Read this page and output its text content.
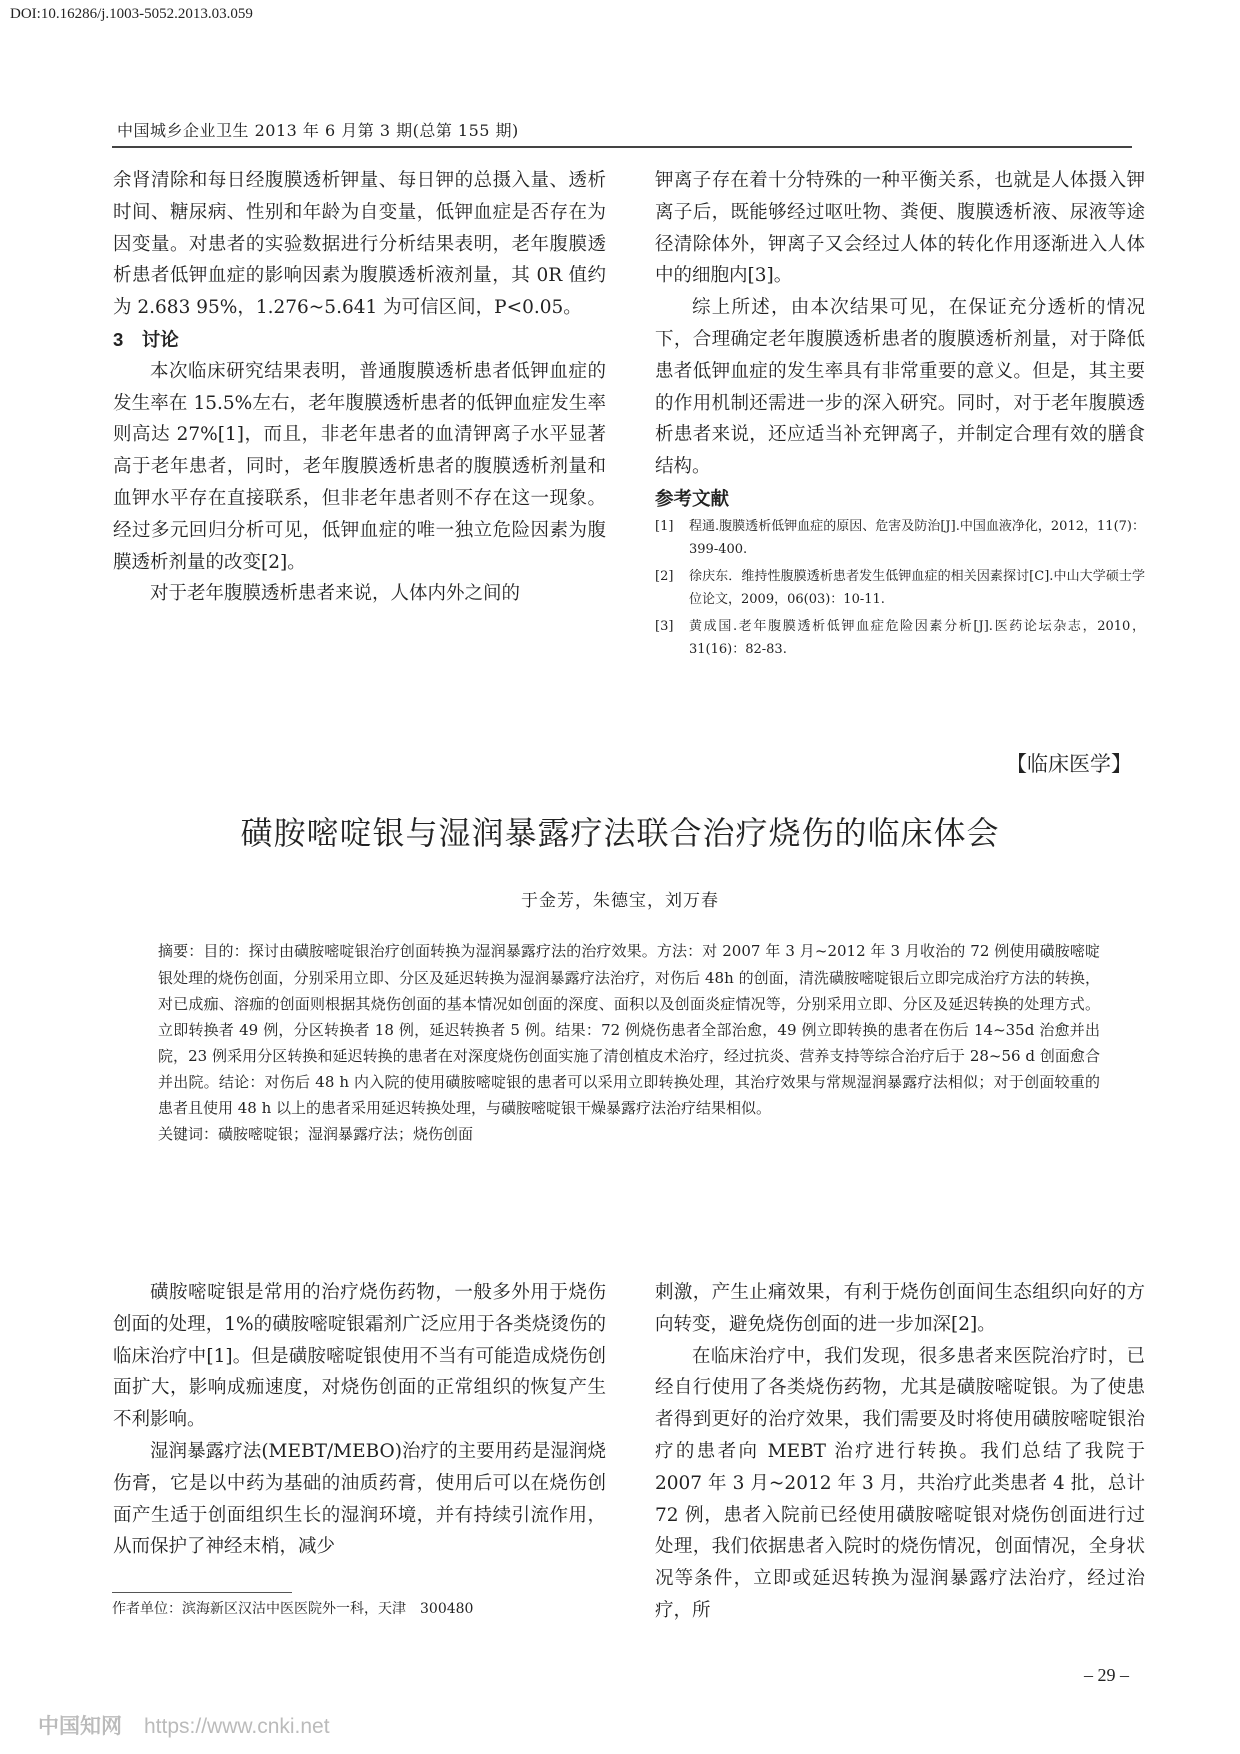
DOI:10.16286/j.1003-5052.2013.03.059
中国城乡企业卫生 2013 年 6 月第 3 期(总第 155 期)

余肾清除和每日经腹膜透析钾量、每日钾的总摄入量、透析时间、糖尿病、性别和年龄为自变量，低钾血症是否存在为因变量。对患者的实验数据进行分析结果表明，老年腹膜透析患者低钾血症的影响因素为腹膜透析液剂量，其 0R 值约为 2.683 95%，1.276~5.641 为可信区间，P<0.05。

3　讨论

本次临床研究结果表明，普通腹膜透析患者低钾血症的发生率在 15.5%左右，老年腹膜透析患者的低钾血症发生率则高达 27%[1]，而且，非老年患者的血清钾离子水平显著高于老年患者，同时，老年腹膜透析患者的腹膜透析剂量和血钾水平存在直接联系，但非老年患者则不存在这一现象。经过多元回归分析可见，低钾血症的唯一独立危险因素为腹膜透析剂量的改变[2]。

对于老年腹膜透析患者来说，人体内外之间的

钾离子存在着十分特殊的一种平衡关系，也就是人体摄入钾离子后，既能够经过呕吐物、粪便、腹膜透析液、尿液等途径清除体外，钾离子又会经过人体的转化作用逐渐进入人体中的细胞内[3]。

综上所述，由本次结果可见，在保证充分透析的情况下，合理确定老年腹膜透析患者的腹膜透析剂量，对于降低患者低钾血症的发生率具有非常重要的意义。但是，其主要的作用机制还需进一步的深入研究。同时，对于老年腹膜透析患者来说，还应适当补充钾离子，并制定合理有效的膳食结构。

参考文献

[1]	程通.腹膜透析低钾血症的原因、危害及防治[J].中国血液净化，2012，11(7)：399-400.
[2]	徐庆东．维持性腹膜透析患者发生低钾血症的相关因素探讨[C].中山大学硕士学位论文，2009，06(03)：10-11.
[3]	黄成国.老年腹膜透析低钾血症危险因素分析[J].医药论坛杂志，2010，31(16)：82-83.
【临床医学】
磺胺嘧啶银与湿润暴露疗法联合治疗烧伤的临床体会
于金芳，朱德宝，刘万春

摘要：目的：探讨由磺胺嘧啶银治疗创面转换为湿润暴露疗法的治疗效果。方法：对 2007 年 3 月~2012 年 3 月收治的 72 例使用磺胺嘧啶银处理的烧伤创面，分别采用立即、分区及延迟转换为湿润暴露疗法治疗，对伤后 48h 的创面，清洗磺胺嘧啶银后立即完成治疗方法的转换，对已成痂、溶痂的创面则根据其烧伤创面的基本情况如创面的深度、面积以及创面炎症情况等，分别采用立即、分区及延迟转换的处理方式。立即转换者 49 例，分区转换者 18 例，延迟转换者 5 例。结果：72 例烧伤患者全部治愈，49 例立即转换的患者在伤后 14~35d 治愈并出院，23 例采用分区转换和延迟转换的患者在对深度烧伤创面实施了清创植皮术治疗，经过抗炎、营养支持等综合治疗后于 28~56 d 创面愈合并出院。结论：对伤后 48 h 内入院的使用磺胺嘧啶银的患者可以采用立即转换处理，其治疗效果与常规湿润暴露疗法相似；对于创面较重的患者且使用 48 h 以上的患者采用延迟转换处理，与磺胺嘧啶银干燥暴露疗法治疗结果相似。

关键词：磺胺嘧啶银；湿润暴露疗法；烧伤创面

磺胺嘧啶银是常用的治疗烧伤药物，一般多外用于烧伤创面的处理，1%的磺胺嘧啶银霜剂广泛应用于各类烧烫伤的临床治疗中[1]。但是磺胺嘧啶银使用不当有可能造成烧伤创面扩大，影响成痂速度，对烧伤创面的正常组织的恢复产生不利影响。

湿润暴露疗法(MEBT/MEBO)治疗的主要用药是湿润烧伤膏，它是以中药为基础的油质药膏，使用后可以在烧伤创面产生适于创面组织生长的湿润环境，并有持续引流作用，从而保护了神经末梢，减少

刺激，产生止痛效果，有利于烧伤创面间生态组织向好的方向转变，避免烧伤创面的进一步加深[2]。

在临床治疗中，我们发现，很多患者来医院治疗时，已经自行使用了各类烧伤药物，尤其是磺胺嘧啶银。为了使患者得到更好的治疗效果，我们需要及时将使用磺胺嘧啶银治疗的患者向 MEBT 治疗进行转换。我们总结了我院于 2007 年 3 月~2012 年 3 月，共治疗此类患者 4 批，总计 72 例，患者入院前已经使用磺胺嘧啶银对烧伤创面进行过处理，我们依据患者入院时的烧伤情况，创面情况，全身状况等条件，立即或延迟转换为湿润暴露疗法治疗，经过治疗，所

作者单位：滨海新区汉沽中医医院外一科，天津　300480
– 29 –
中国知网 https://www.cnki.net
